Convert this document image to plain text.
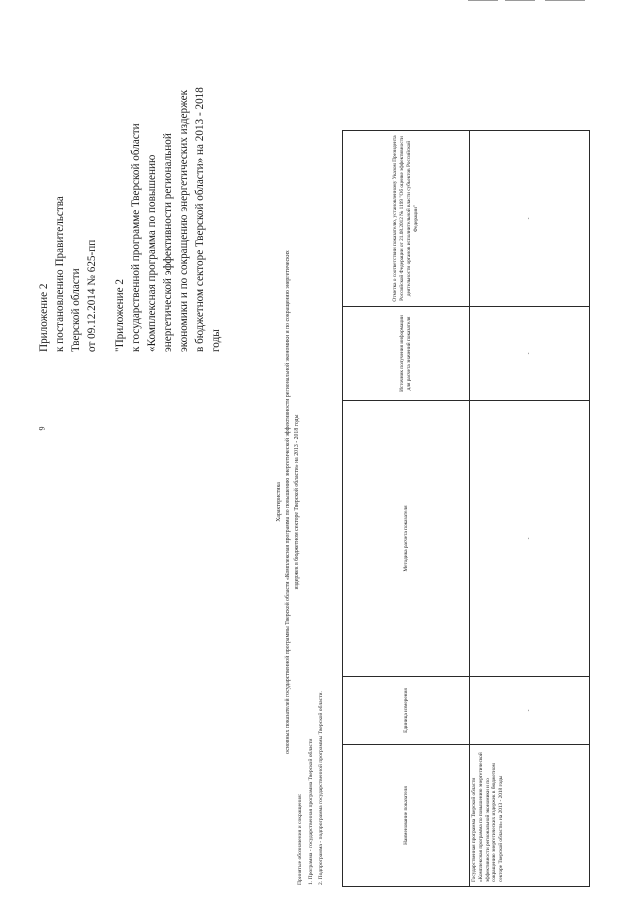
9
Приложение 2 к постановлению Правительства Тверской области от 09.12.2014 № 625-пп "Приложение 2 к государственной программе Тверской области «Комплексная программа по повышению энергетической эффективности региональной экономики и по сокращению энергетических издержек в бюджетном секторе Тверской области» на 2013 - 2018 годы
Характеристика основных показателей государственной программы Тверской области «Комплексная программа по повышению энергетической эффективности региональной экономики и по сокращению энергетических издержек в бюджетном секторе Тверской области» на 2013 - 2018 годы
Принятые обозначения и сокращения: 1. Программа - государственная программа Тверской области 2. Подпрограмма - подпрограмма государственной программы Тверской области.	Наименование показателя	Единица измерения	Методика расчета показателя	Источник получения информации для расчета значений показателя	Отметка о соответствии показателю, установленному Указом Президента Российской Федерации от 21.08.2012 № 1199 "Об оценке эффективности деятельности органов исполнительной власти субъектов Российской Федерации"
Государственная программа Тверской области «Комплексная программа по повышению энергетической эффективности региональной экономики и по сокращению энергетических издержек в бюджетном секторе Тверской области» на 2013 - 2018 годы	-	-	-	-
